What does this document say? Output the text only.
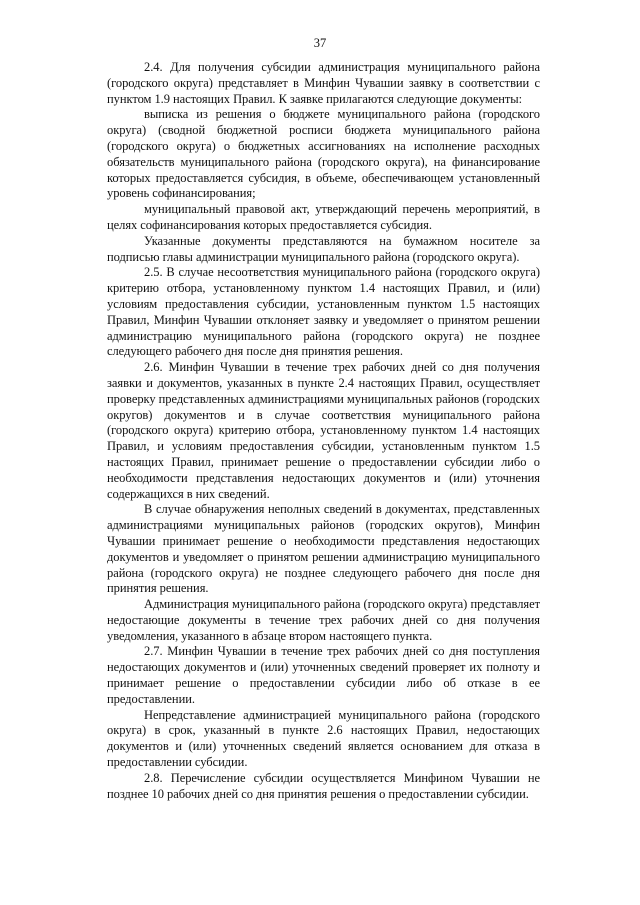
37

2.4. Для получения субсидии администрация муниципального района (городского округа) представляет в Минфин Чувашии заявку в соответствии с пунктом 1.9 настоящих Правил. К заявке прилагаются следующие документы:

выписка из решения о бюджете муниципального района (городского округа) (сводной бюджетной росписи бюджета муниципального района (городского округа) о бюджетных ассигнованиях на исполнение расходных обязательств муниципального района (городского округа), на финансирование которых предоставляется субсидия, в объеме, обеспечивающем установленный уровень софинансирования;

муниципальный правовой акт, утверждающий перечень мероприятий, в целях софинансирования которых предоставляется субсидия.

Указанные документы представляются на бумажном носителе за подписью главы администрации муниципального района (городского округа).

2.5. В случае несоответствия муниципального района (городского округа) критерию отбора, установленному пунктом 1.4 настоящих Правил, и (или) условиям предоставления субсидии, установленным пунктом 1.5 настоящих Правил, Минфин Чувашии отклоняет заявку и уведомляет о принятом решении администрацию муниципального района (городского округа) не позднее следующего рабочего дня после дня принятия решения.

2.6. Минфин Чувашии в течение трех рабочих дней со дня получения заявки и документов, указанных в пункте 2.4 настоящих Правил, осуществляет проверку представленных администрациями муниципальных районов (городских округов) документов и в случае соответствия муниципального района (городского округа) критерию отбора, установленному пунктом 1.4 настоящих Правил, и условиям предоставления субсидии, установленным пунктом 1.5 настоящих Правил, принимает решение о предоставлении субсидии либо о необходимости представления недостающих документов и (или) уточнения содержащихся в них сведений.

В случае обнаружения неполных сведений в документах, представленных администрациями муниципальных районов (городских округов), Минфин Чувашии принимает решение о необходимости представления недостающих документов и уведомляет о принятом решении администрацию муниципального района (городского округа) не позднее следующего рабочего дня после дня принятия решения.

Администрация муниципального района (городского округа) представляет недостающие документы в течение трех рабочих дней со дня получения уведомления, указанного в абзаце втором настоящего пункта.

2.7. Минфин Чувашии в течение трех рабочих дней со дня поступления недостающих документов и (или) уточненных сведений проверяет их полноту и принимает решение о предоставлении субсидии либо об отказе в ее предоставлении.

Непредставление администрацией муниципального района (городского округа) в срок, указанный в пункте 2.6 настоящих Правил, недостающих документов и (или) уточненных сведений является основанием для отказа в предоставлении субсидии.

2.8. Перечисление субсидии осуществляется Минфином Чувашии не позднее 10 рабочих дней со дня принятия решения о предоставлении субсидии.
